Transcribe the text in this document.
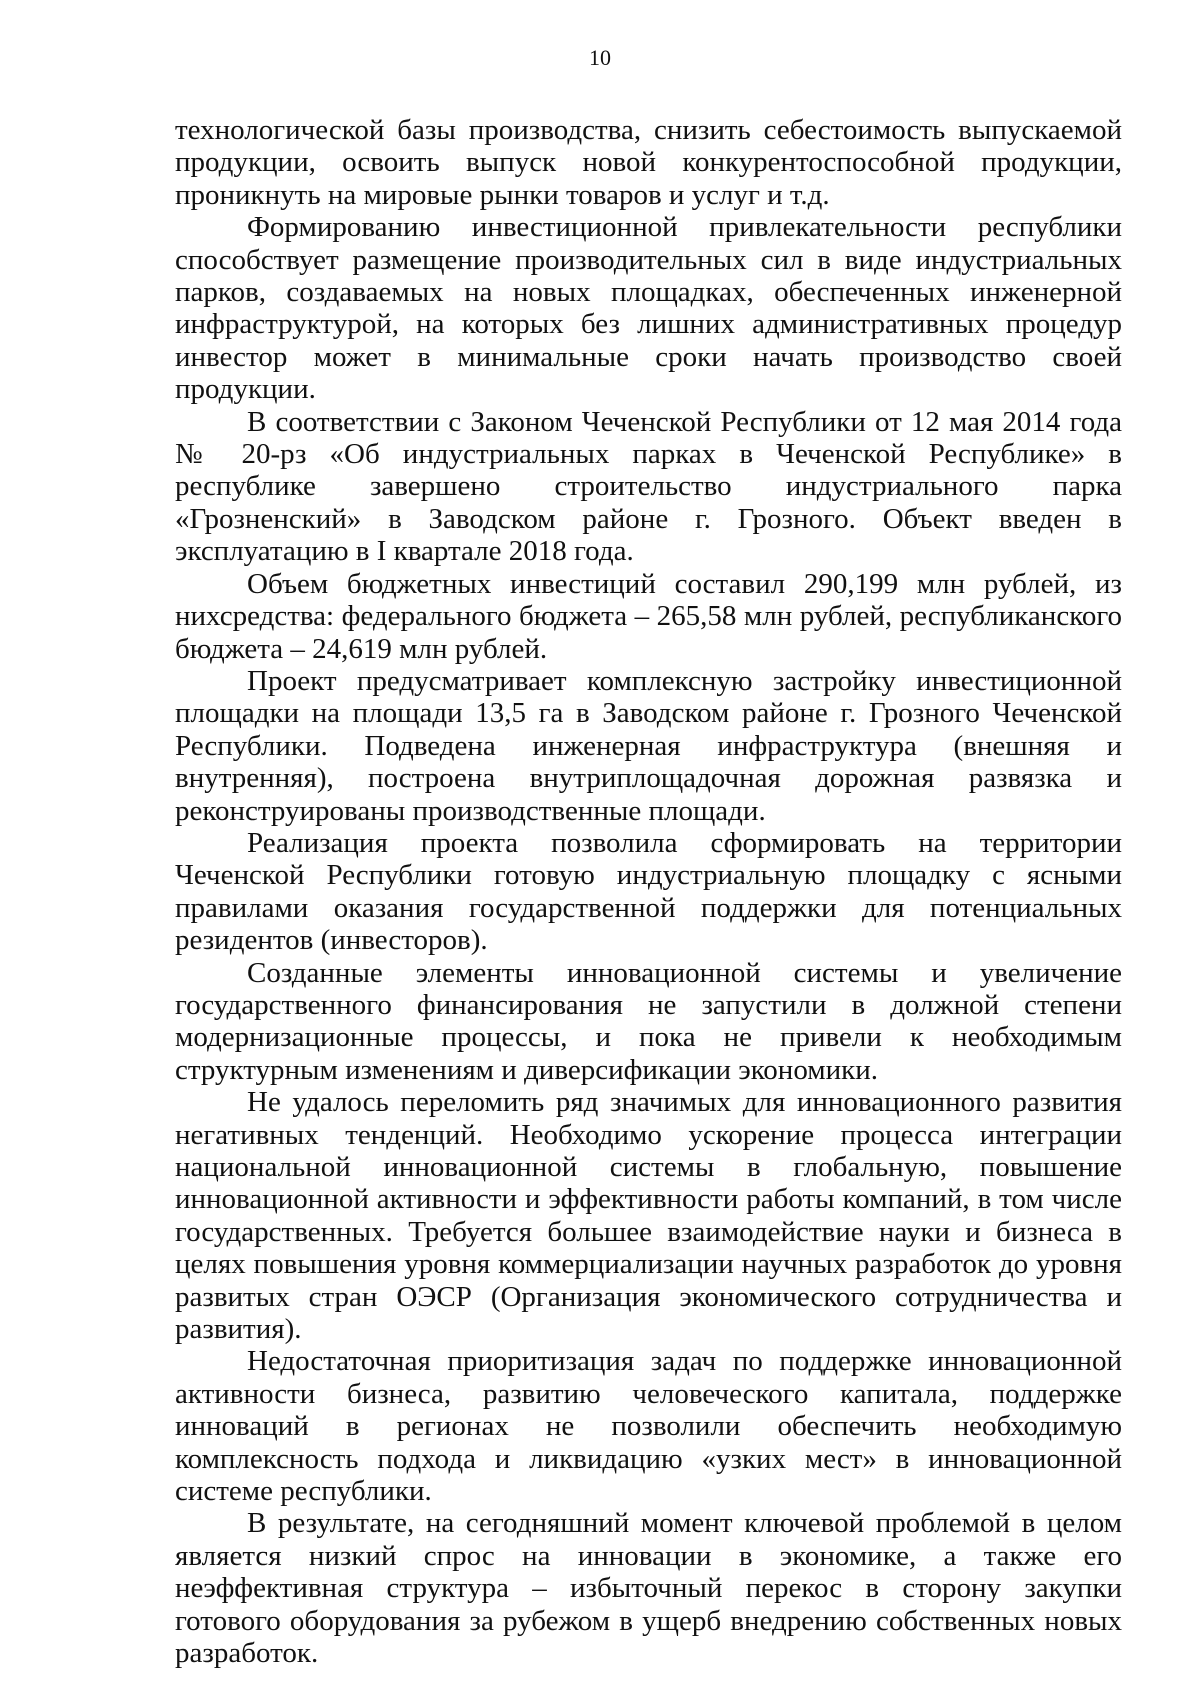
10

технологической базы производства, снизить себестоимость выпускаемой продукции, освоить выпуск новой конкурентоспособной продукции, проникнуть на мировые рынки товаров и услуг и т.д.

Формированию инвестиционной привлекательности республики способствует размещение производительных сил в виде индустриальных парков, создаваемых на новых площадках, обеспеченных инженерной инфраструктурой, на которых без лишних административных процедур инвестор может в минимальные сроки начать производство своей продукции.

В соответствии с Законом Чеченской Республики от 12 мая 2014 года № 20-рз «Об индустриальных парках в Чеченской Республике» в республике завершено строительство индустриального парка «Грозненский» в Заводском районе г. Грозного. Объект введен в эксплуатацию в I квартале 2018 года.

Объем бюджетных инвестиций составил 290,199 млн рублей, из нихсредства: федерального бюджета – 265,58 млн рублей, республиканского бюджета – 24,619 млн рублей.

Проект предусматривает комплексную застройку инвестиционной площадки на площади 13,5 га в Заводском районе г. Грозного Чеченской Республики. Подведена инженерная инфраструктура (внешняя и внутренняя), построена внутриплощадочная дорожная развязка и реконструированы производственные площади.

Реализация проекта позволила сформировать на территории Чеченской Республики готовую индустриальную площадку с ясными правилами оказания государственной поддержки для потенциальных резидентов (инвесторов).

Созданные элементы инновационной системы и увеличение государственного финансирования не запустили в должной степени модернизационные процессы, и пока не привели к необходимым структурным изменениям и диверсификации экономики.

Не удалось переломить ряд значимых для инновационного развития негативных тенденций. Необходимо ускорение процесса интеграции национальной инновационной системы в глобальную, повышение инновационной активности и эффективности работы компаний, в том числе государственных. Требуется большее взаимодействие науки и бизнеса в целях повышения уровня коммерциализации научных разработок до уровня развитых стран ОЭСР (Организация экономического сотрудничества и развития).

Недостаточная приоритизация задач по поддержке инновационной активности бизнеса, развитию человеческого капитала, поддержке инноваций в регионах не позволили обеспечить необходимую комплексность подхода и ликвидацию «узких мест» в инновационной системе республики.

В результате, на сегодняшний момент ключевой проблемой в целом является низкий спрос на инновации в экономике, а также его неэффективная структура – избыточный перекос в сторону закупки готового оборудования за рубежом в ущерб внедрению собственных новых разработок.
